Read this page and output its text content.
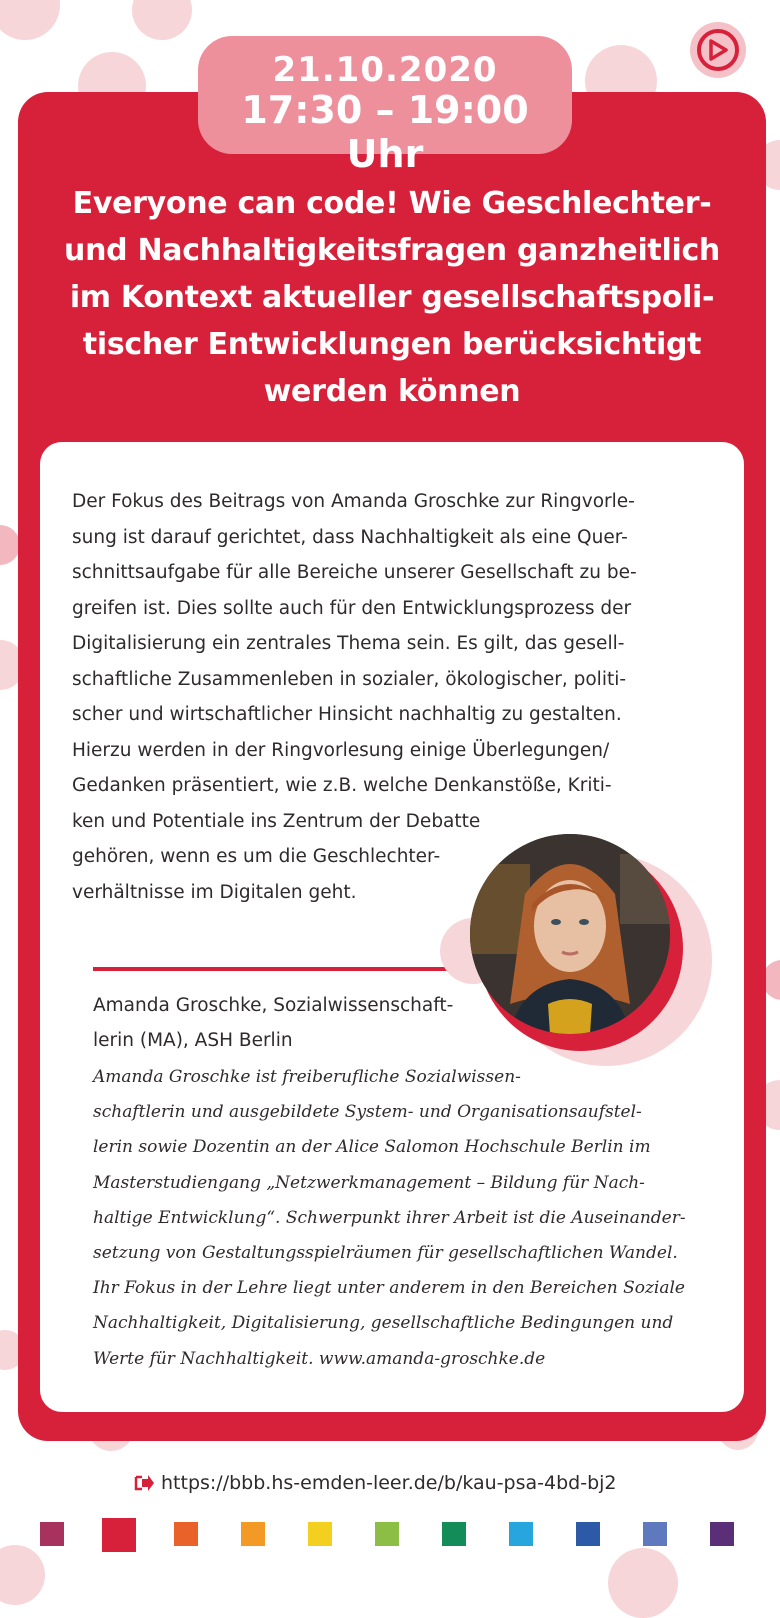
Everyone can code! Wie Geschlechter-
und Nachhaltigkeitsfragen ganzheitlich
im Kontext aktueller gesellschaftspoli-
tischer Entwicklungen berücksichtigt
werden können
21.10.2020
17:30 – 19:00 Uhr
Der Fokus des Beitrags von Amanda Groschke zur Ringvorle-
sung ist darauf gerichtet, dass Nachhaltigkeit als eine Quer-
schnittsaufgabe für alle Bereiche unserer Gesellschaft zu be-
greifen ist. Dies sollte auch für den Entwicklungsprozess der
Digitalisierung ein zentrales Thema sein. Es gilt, das gesell-
schaftliche Zusammenleben in sozialer, ökologischer, politi-
scher und wirtschaftlicher Hinsicht nachhaltig zu gestalten.
Hierzu werden in der Ringvorlesung einige Überlegungen/
Gedanken präsentiert, wie z.B. welche Denkanstöße, Kriti-
ken und Potentiale ins Zentrum der Debatte
gehören, wenn es um die Geschlechter-
verhältnisse im Digitalen geht.
Amanda Groschke, Sozialwissenschaft-
lerin (MA), ASH Berlin
Amanda Groschke ist freiberufliche Sozialwissen-
schaftlerin und ausgebildete System- und Organisationsaufstel-
lerin sowie Dozentin an der Alice Salomon Hochschule Berlin im
Masterstudiengang „Netzwerkmanagement – Bildung für Nach-
haltige Entwicklung“. Schwerpunkt ihrer Arbeit ist die Auseinander-
setzung von Gestaltungsspielräumen für gesellschaftlichen Wandel.
Ihr Fokus in der Lehre liegt unter anderem in den Bereichen Soziale
Nachhaltigkeit, Digitalisierung, gesellschaftliche Bedingungen und
Werte für Nachhaltigkeit. www.amanda-groschke.de
Fotografie © Alexander Shapovalenko
https://bbb.hs-emden-leer.de/b/kau-psa-4bd-bj2
